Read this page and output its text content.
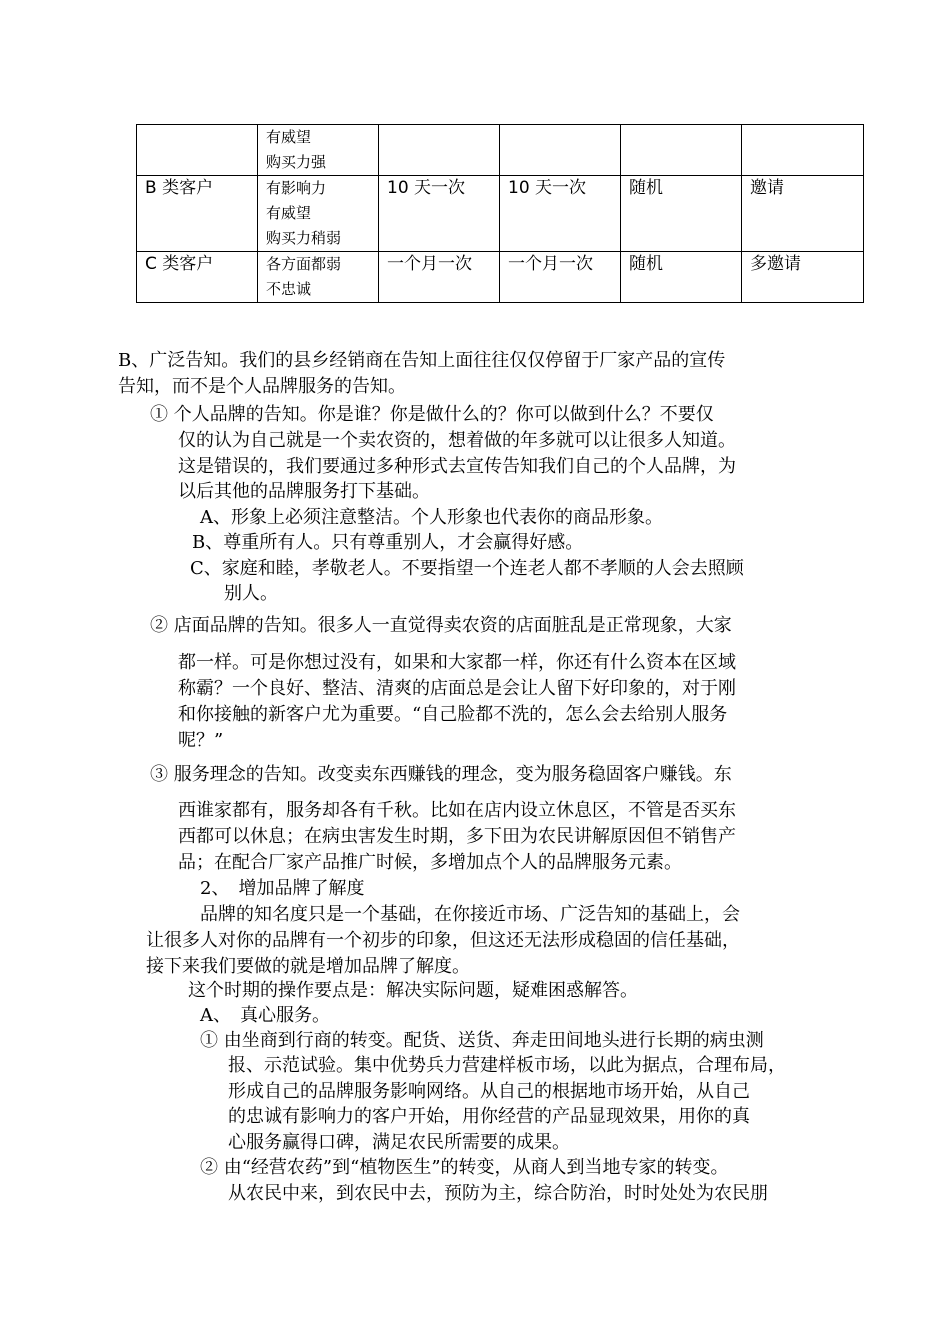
	有威望
购买力强				

B 类客户	有影响力
有威望
购买力稍弱	10 天一次	10 天一次	随机	邀请
C 类客户	各方面都弱
不忠诚	一个月一次	一个月一次	随机	多邀请
B、广泛告知。我们的县乡经销商在告知上面往往仅仅停留于厂家产品的宣传
告知，而不是个人品牌服务的告知。
① 个人品牌的告知。你是谁？你是做什么的？你可以做到什么？不要仅
仅的认为自己就是一个卖农资的，想着做的年多就可以让很多人知道。
这是错误的，我们要通过多种形式去宣传告知我们自己的个人品牌，为
以后其他的品牌服务打下基础。
A、形象上必须注意整洁。个人形象也代表你的商品形象。
B、尊重所有人。只有尊重别人，才会赢得好感。
C、家庭和睦，孝敬老人。不要指望一个连老人都不孝顺的人会去照顾
别人。
② 店面品牌的告知。很多人一直觉得卖农资的店面脏乱是正常现象，大家
都一样。可是你想过没有，如果和大家都一样，你还有什么资本在区域
称霸？一个良好、整洁、清爽的店面总是会让人留下好印象的，对于刚
和你接触的新客户尤为重要。“自己脸都不洗的，怎么会去给别人服务
呢？”
③ 服务理念的告知。改变卖东西赚钱的理念，变为服务稳固客户赚钱。东
西谁家都有，服务却各有千秋。比如在店内设立休息区，不管是否买东
西都可以休息；在病虫害发生时期，多下田为农民讲解原因但不销售产
品；在配合厂家产品推广时候，多增加点个人的品牌服务元素。
2、　增加品牌了解度
品牌的知名度只是一个基础，在你接近市场、广泛告知的基础上，会
让很多人对你的品牌有一个初步的印象，但这还无法形成稳固的信任基础，
接下来我们要做的就是增加品牌了解度。
这个时期的操作要点是：解决实际问题，疑难困惑解答。
A、　真心服务。
① 由坐商到行商的转变。配货、送货、奔走田间地头进行长期的病虫测
报、示范试验。集中优势兵力营建样板市场，以此为据点，合理布局，
形成自己的品牌服务影响网络。从自己的根据地市场开始，从自己
的忠诚有影响力的客户开始，用你经营的产品显现效果，用你的真
心服务赢得口碑，满足农民所需要的成果。
② 由“经营农药”到“植物医生”的转变，从商人到当地专家的转变。
从农民中来，到农民中去，预防为主，综合防治，时时处处为农民朋
